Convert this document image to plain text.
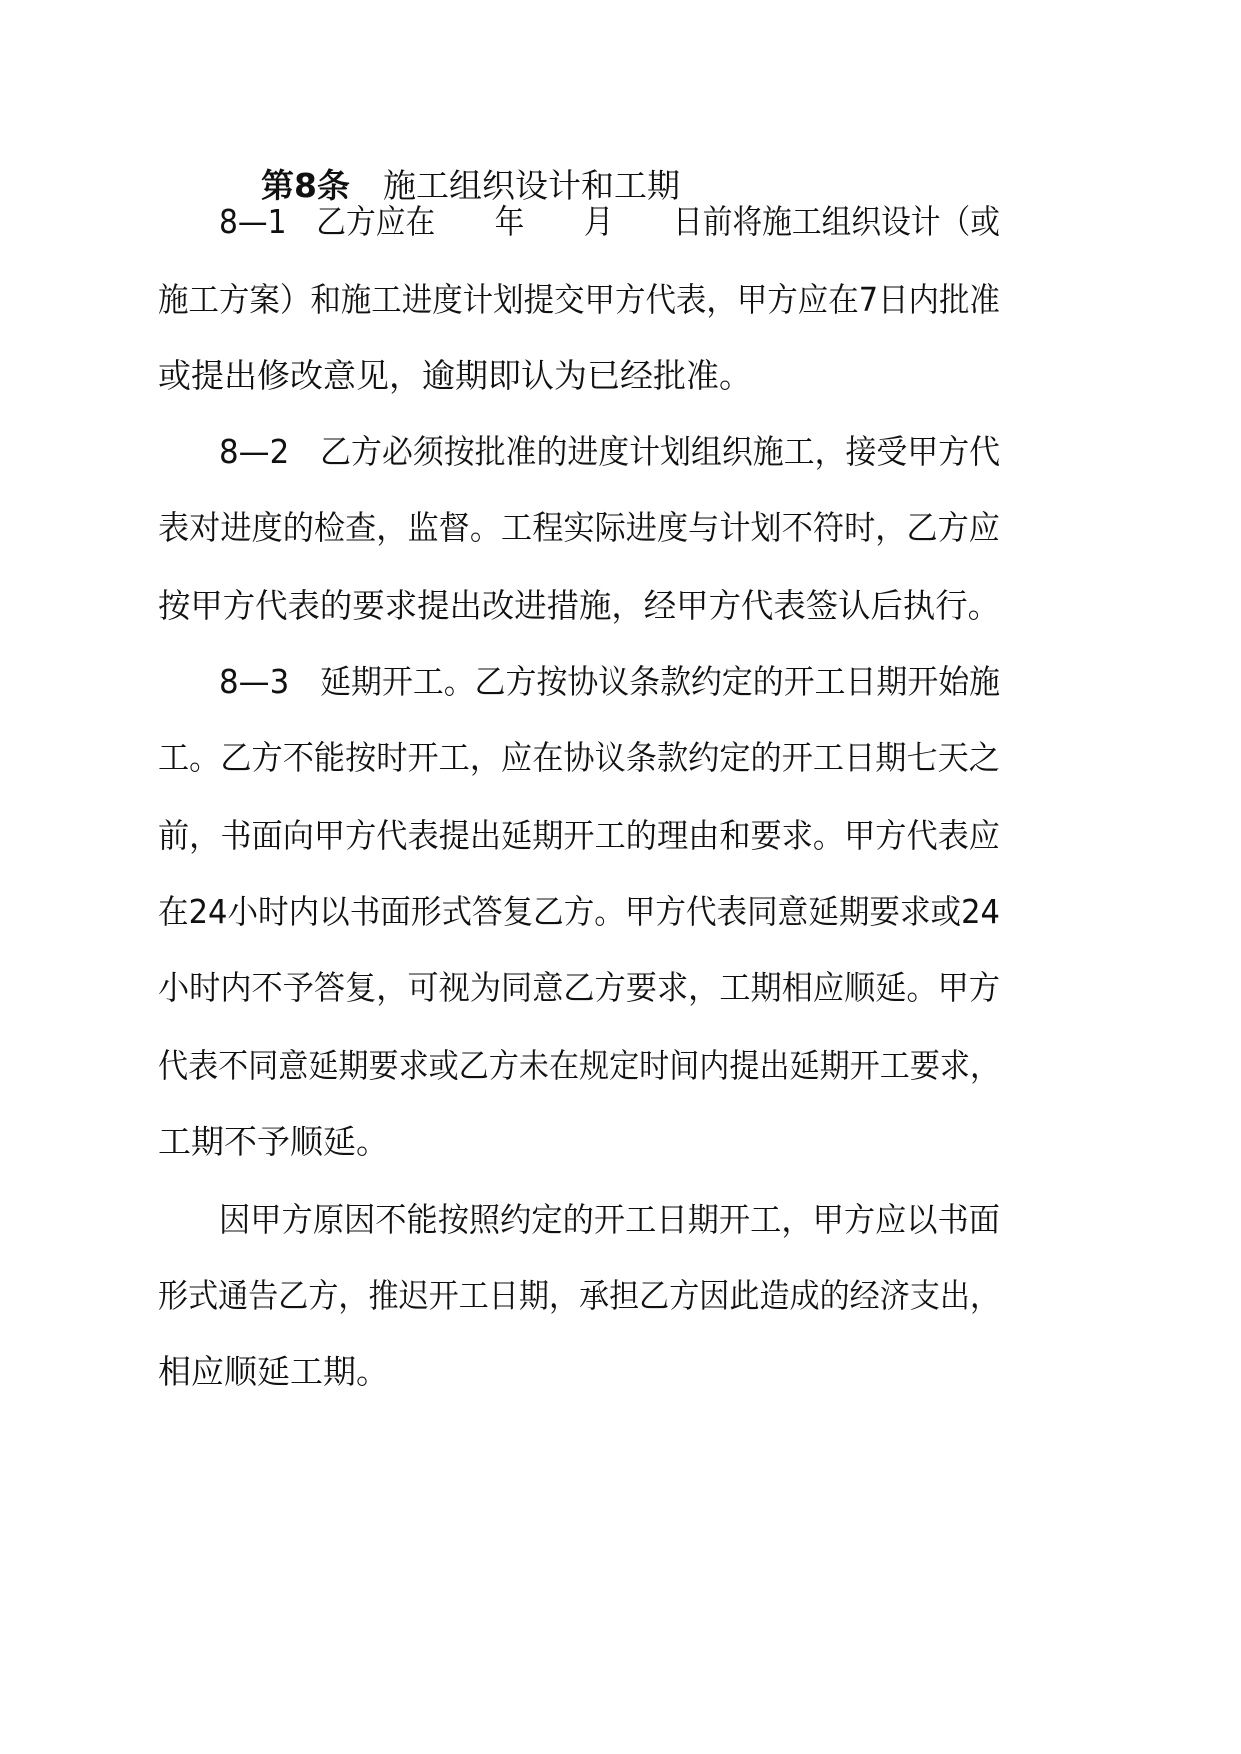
第8条　 施工组织设计和工期

8—1　乙方应在　　年　　月　　日前将施工组织设计（或
施工方案）和施工进度计划提交甲方代表，甲方应在7日内批准
或提出修改意见，逾期即认为已经批准。
8—2　乙方必须按批准的进度计划组织施工，接受甲方代
表对进度的检查，监督。工程实际进度与计划不符时，乙方应
按甲方代表的要求提出改进措施，经甲方代表签认后执行。
8—3　延期开工。乙方按协议条款约定的开工日期开始施
工。乙方不能按时开工，应在协议条款约定的开工日期七天之
前，书面向甲方代表提出延期开工的理由和要求。甲方代表应
在24小时内以书面形式答复乙方。甲方代表同意延期要求或24
小时内不予答复，可视为同意乙方要求，工期相应顺延。甲方
代表不同意延期要求或乙方未在规定时间内提出延期开工要求，
工期不予顺延。
因甲方原因不能按照约定的开工日期开工，甲方应以书面
形式通告乙方，推迟开工日期，承担乙方因此造成的经济支出，
相应顺延工期。
